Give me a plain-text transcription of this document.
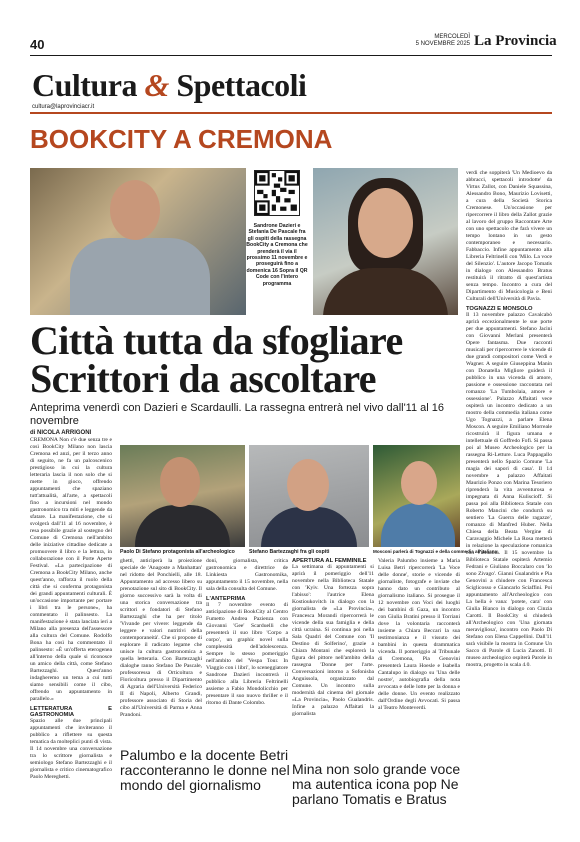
40	MERCOLEDÌ
5 NOVEMBRE 2025 La Provincia
Cultura & Spettacoli
cultura@laprovinciacr.it
BOOKCITY A CREMONA
Sandrone Dazieri e Stefania De Pascale fra gli ospiti della rassegna BookCity a Cremona che prenderà il via il prossimo 11 novembre e proseguirà fino a domenica 16 Sopra il QR Code con l'intero programma
Città tutta da sfogliare
Scrittori da ascoltare
Anteprima venerdì con Dazieri e Scardaulli. La rassegna entrerà nel vivo dall'11 al 16 novembre
di NICOLA ARRIGONI
CREMONA Non c'è due senza tre e così BookCity Milano non lascia Cremona ed anzi, per il terzo anno di seguito, ne fa un palcoscenico prestigioso in cui la cultura letteraria lascia il non solo che si mette in gioco, offrendo appuntamenti che spaziano tutt'attualità, all'arte, a spettacoli fino a incursioni nel mondo gastronomico tra miti e leggende da sfatare. La manifestazione, che si svolgerà dall'11 al 16 novembre, è resa possibile grazie al sostegno del Comune di Cremona nell'ambito delle iniziative cittadine dedicate a promuovere il libro e la lettura, in collaborazione con il Porte Aperte Festival. «La partecipazione di Cremona a BookCity Milano, anche quest'anno, rafforza il ruolo della città che si conferma protagonista dei grandi appuntamenti culturali. È un'occasione importante per portare i libri tra le persone», ha commentato il palinsesto. La manifestazione è stata lanciata ieri a Milano alla presenza dell'assessore alla cultura del Comune. Rodolfo Bona ha così ha commentato il palinsesto: «È un'offerta eterogenea all'interno della quale si riconosce un amico della città, come Stefano Bartezzaghi. Quest'anno indagheremo un tema a cui tutti siamo sensibili come il cibo, offrendo un appuntamento in parallelo.»
LETTERATURA E GASTRONOMIA
Spazio alle due principali appuntamenti che inviteranno il pubblico a riflettere su questa tematica da molteplici punti di vista. Il 14 novembre una conversazione tra lo scrittore giornalista e semiologo Stefano Bartezzaghi e il giornalista e critico cinematografico Paolo Mereghetti.
Paolo Di Stefano protagonista all'archeologico	Stefano Bartezzaghi fra gli ospiti	Mosconi parlerà di Tognazzi e della commedia all'italiana
ghetti, anticiperà la proiezione speciale de 'Anagoste a Manhattan' nel ridotto del Ponchielli, alle 18. Appuntamento ad accesso libero su prenotazione sul sito di BookCity. Il giorno successivo sarà la volta di una storica conversazione tra scrittori e fondatori di Stefano Bartezzaghi che ha per titolo 'Vivande per vivere: leggende da leggere e valori nutritivi della contemporaneità'. Che si propone di esplorare il radicato legame che unisce la cultura gastronomica a quella letteraria. Con Bartezzaghi dialoghe ranno Stefano De Pascale, professoressa di Orticoltura e Floricoltura presso il Dipartimento di Agraria dell'Università Federico II di Napoli, Alberto Grandi, professore associato di Storia del cibo all'Università di Parma e Anna Prandoni.
doni, giornalista, critica gastronomica e direttrice de Linkiesta Gastronomika, appuntamento il 15 novembre, nella sala della consulta del Comune.
L'ANTEPRIMA
Il 7 novembre evento di anticipazione di BookCity al Centro Fumetto Andrea Pazienza con Giovanni 'Gee' Scarduelli che presenterà il suo libro 'Corpo a corpo', un graphic novel sulla complessità dell'adolescenza. Sempre lo stesso pomeriggio nell'ambito del 'Vespa Tour. In Viaggio con i libri', lo sceneggiatore Sandrone Dazieri incontrerà il pubblico alla Libreria Feltrinelli assieme a Fabio Mondolicchio per presentare il suo nuovo thriller e il ritorno di Dante Colombo.
APERTURA AL FEMMINILE
La settimana di appuntamenti si aprirà il pomeriggio dell'11 novembre nella Biblioteca Statale con 'Kyiv. Una fortezza sopra l'abisso': l'autrice Elena Kostioukovitch in dialogo con la giornalista de «La Provincia», Francesca Morandi ripercorrerà le vicende della sua famiglia e della città ucraina. Si continua poi nella Sala Quadri del Comune con 'Il Destino di Solferino', grazie a Chiara Montani che esplorerà la figura del pittore nell'ambito della rassegna 'Donne per l'arte. Conversazioni intorno a Sofonisba Anguissola, organizzato dal Comune. Un incontro sulla modernità dal cinema del giornale «La Provincia», Paolo Gualandris. Infine a palazzo Affaitati la giornalista
Valeria Palumbo insieme a Maria Luisa Betri ripercorrerà 'La Voce delle donne', storie e vicende di giornaliste, fotografe e inviate che hanno dato un contributo al giornalismo italiano. Si prosegue il 12 novembre con Voci dei luoghi dei bambini di Gaza, un incontro con Giulia Bratini presso il Torriani dove la volontaria racconterà insieme a Chiara Beccari la sua testimonianza e il vissuto dei bambini in questa drammatica vicenda. Il pomeriggio al Tribunale di Cremona, Pia Genovini presenterà Laura Hoesle e Isabella Cantalupo in dialogo su 'Una delle nostre', autobiografia della nota avvocata e delle lotte per la donna e delle donne. Un evento realizzato dall'Ordine degli Avvocati. Si passa al Teatro Monteverdi.
Palumbo e la docente Betri racconteranno le donne nel mondo del giornalismo
Mina non solo grande voce ma autentica icona pop Ne parlano Tomatis e Bratus
verdi che soppiterà 'Un Medioevo da abbracci, spettacoli introdotte' da Virtus Zallot, con Daniele Squassina, Alessandro Bono, Maurizio Lovisetti, a cura della Società Storica Cremonese. Un'occasione per ripercorrere il libro della Zallot grazie al lavoro del gruppo Raccontare Arte con uno spettacolo che farà vivere un tempo lontano in un gesto contemporaneo e necessario. Fabbaccio. Infine appuntamento alla Libreria Feltrinelli con 'Milo. La voce del Silenzio'. L'autore Jacopo Tomatis in dialogo con Alessandro Bratus restituirà il ritratto di quest'artista senza tempo. Incontro a cura del Dipartimento di Musicologia e Beni Culturali dell'Università di Pavia.
TOGNAZZI E MONSOLO
Il 13 novembre palazzo Cavalcabò aprirà eccezionalmente le sue porte per due appuntamenti. Stefano Jacini con Giovanni Merlani presenterà Opere fantasma. Due racconti musicali per ripercorrere le vicende di due grandi compositori come Verdi e Wagner. A seguire Giuseppina Manin con Donatella Migliore guiderà il pubblico in una vicenda di amore, passione e ossessione raccontata nel romanzo 'La Tumbolaia, amore e ossessione'. Palazzo Affaitati vece ospiterà un incontro dedicato a un mostro della commedia italiana come Ugo Tognazzi, a parlare Elena Moscon. A seguire Emiliano Morreale ricostruirà il figura umana e intellettuale di Goffredo Fofi. Si passa poi al Museo Archeologico per la rassegna Ri-Letture. Luca Pappagallo presenterà nello Spazio Comune 'La magia dei sapori di casa'. Il 14 novembre a palazzo Affaitati Maurizio Ponzo con Marina Tesoriero riprenderà la vita avventurosa e impegnata di Anna Kuliscioff. Si passa poi alla Biblioteca Statale con Roberto Mancini che condurrà su sentiero 'La Guerra delle ragazze', romanzo di Manfred Huber. Nella Chiesa della Beata Vergine di Caravaggio Michele La Rosa metterà in relazione la speculazione romanica con l'attualità. Il 15 novembre la Biblioteca Statale ospiterà Artemio Fedrani e Giuliano Boccalaro con 'Io sono Zivago'. Gianni Gualandris e Pia Genovini a chiudere con Francesca Sciglicosso e Giancarlo Sciaffini. Poi appuntamento all'Archeologico con La bella è vana: 'potete, cara' con Giulia Bianco in dialogo con Cinzia Carotti. Il BookCity si chiuderà all'Archeologico con 'Una giornata meravigliosa', incontro con Paolo Di Stefano con Elena Cappellini. Dall'11 sarà visibile la mostra in Comune Un Sacco di Parole di Lucia Zanotti. Il museo archeologico ospiterà Parole in mostra, progetto in scala 4.0.
